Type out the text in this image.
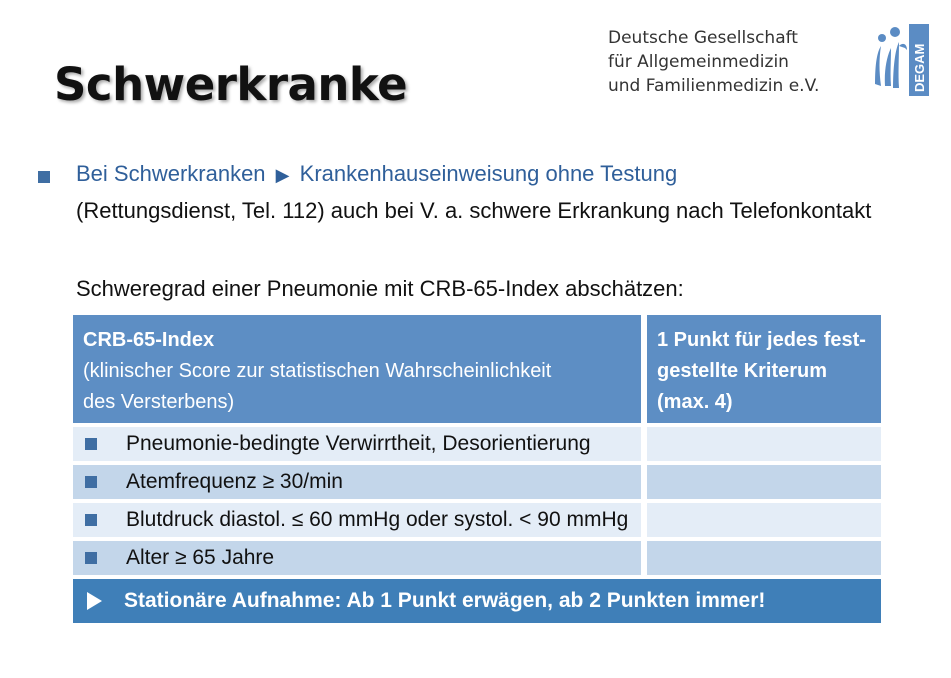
Schwerkranke
Deutsche Gesellschaft
für Allgemeinmedizin
und Familienmedizin e.V.	DEGAM
Bei Schwerkranken ▶ Krankenhauseinweisung ohne Testung
(Rettungsdienst, Tel. 112) auch bei V. a. schwere Erkrankung nach Telefonkontakt
Schweregrad einer Pneumonie mit CRB-65-Index abschätzen:
CRB-65-Index
(klinischer Score zur statistischen Wahrscheinlichkeit
des Versterbens)
1 Punkt für jedes fest-
gestellte Kriterum
(max. 4)
Pneumonie-bedingte Verwirrtheit, Desorientierung
Atemfrequenz ≥ 30/min
Blutdruck diastol. ≤ 60 mmHg oder systol. < 90 mmHg
Alter ≥ 65 Jahre
Stationäre Aufnahme: Ab 1 Punkt erwägen, ab 2 Punkten immer!
